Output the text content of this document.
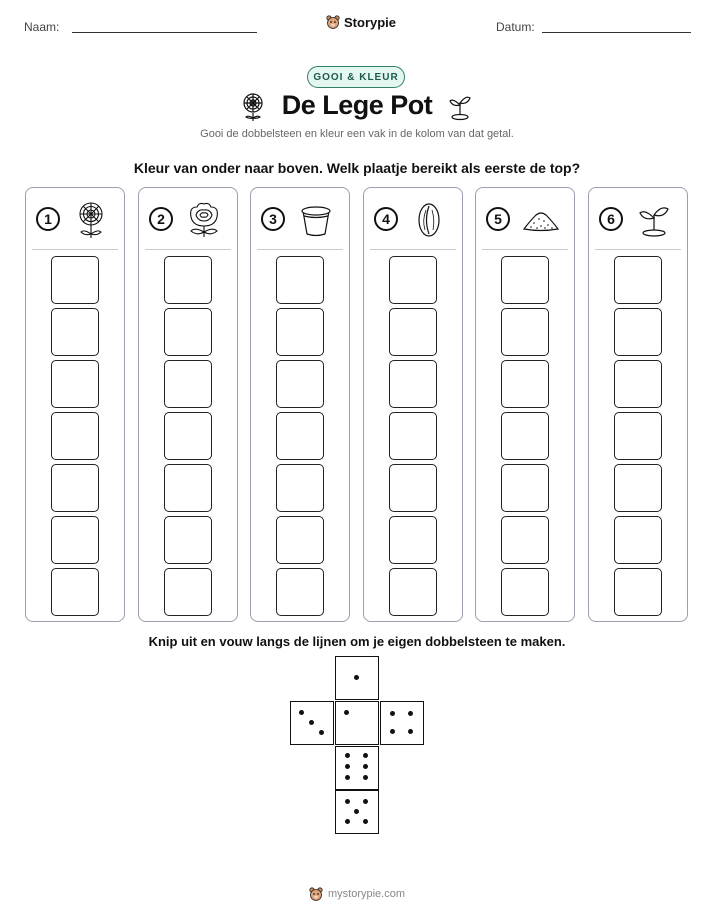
Naam:	Storypie	Datum:
GOOI & KLEUR
De Lege Pot
Gooi de dobbelsteen en kleur een vak in de kolom van dat getal.
Kleur van onder naar boven. Welk plaatje bereikt als eerste de top?
1	2	3	4	5	6
Knip uit en vouw langs de lijnen om je eigen dobbelsteen te maken.
mystorypie.com
